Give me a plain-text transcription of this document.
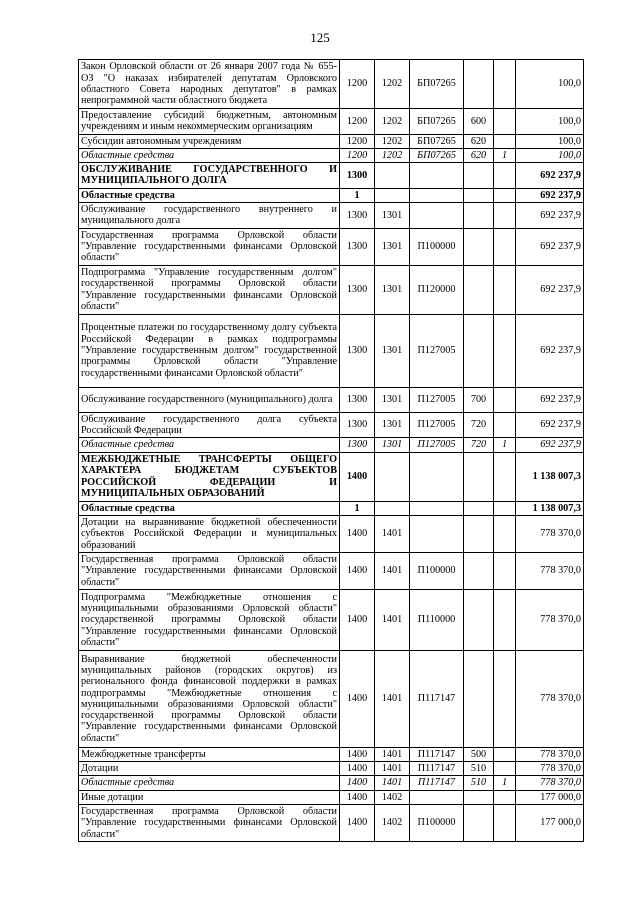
125
Закон Орловской области от 26 января 2007 года № 655-ОЗ "О наказах избирателей депутатам Орловского областного Совета народных депутатов" в рамках непрограммной части областного бюджета	1200	1202	БП07265			100,0
Предоставление субсидий бюджетным, автономным учреждениям и иным некоммерческим организациям	1200	1202	БП07265	600		100,0
Субсидии автономным учреждениям	1200	1202	БП07265	620		100,0
Областные средства	1200	1202	БП07265	620	1	100,0
ОБСЛУЖИВАНИЕ ГОСУДАРСТВЕННОГО И МУНИЦИПАЛЬНОГО ДОЛГА	1300					692 237,9
Областные средства	1					692 237,9
Обслуживание государственного внутреннего и муниципального долга	1300	1301				692 237,9
Государственная программа Орловской области "Управление государственными финансами Орловской области"	1300	1301	П100000			692 237,9
Подпрограмма "Управление государственным долгом" государственной программы Орловской области "Управление государственными финансами Орловской области"	1300	1301	П120000			692 237,9
Процентные платежи по государственному долгу субъекта Российской Федерации в рамках подпрограммы "Управление государственным долгом" государственной программы Орловской области "Управление государственными финансами Орловской области"	1300	1301	П127005			692 237,9
Обслуживание государственного (муниципального) долга	1300	1301	П127005	700		692 237,9
Обслуживание государственного долга субъекта Российской Федерации	1300	1301	П127005	720		692 237,9
Областные средства	1300	1301	П127005	720	1	692 237,9
МЕЖБЮДЖЕТНЫЕ ТРАНСФЕРТЫ ОБЩЕГО ХАРАКТЕРА БЮДЖЕТАМ СУБЪЕКТОВ РОССИЙСКОЙ ФЕДЕРАЦИИ И МУНИЦИПАЛЬНЫХ ОБРАЗОВАНИЙ	1400					1 138 007,3
Областные средства	1					1 138 007,3
Дотации на выравнивание бюджетной обеспеченности субъектов Российской Федерации и муниципальных образований	1400	1401				778 370,0
Государственная программа Орловской области "Управление государственными финансами Орловской области"	1400	1401	П100000			778 370,0
Подпрограмма "Межбюджетные отношения с муниципальными образованиями Орловской области" государственной программы Орловской области "Управление государственными финансами Орловской области"	1400	1401	П110000			778 370,0
Выравнивание бюджетной обеспеченности муниципальных районов (городских округов) из регионального фонда финансовой поддержки в рамках подпрограммы "Межбюджетные отношения с муниципальными образованиями Орловской области" государственной программы Орловской области "Управление государственными финансами Орловской области"	1400	1401	П117147			778 370,0
Межбюджетные трансферты	1400	1401	П117147	500		778 370,0
Дотации	1400	1401	П117147	510		778 370,0
Областные средства	1400	1401	П117147	510	1	778 370,0
Иные дотации	1400	1402				177 000,0
Государственная программа Орловской области "Управление государственными финансами Орловской области"	1400	1402	П100000			177 000,0
